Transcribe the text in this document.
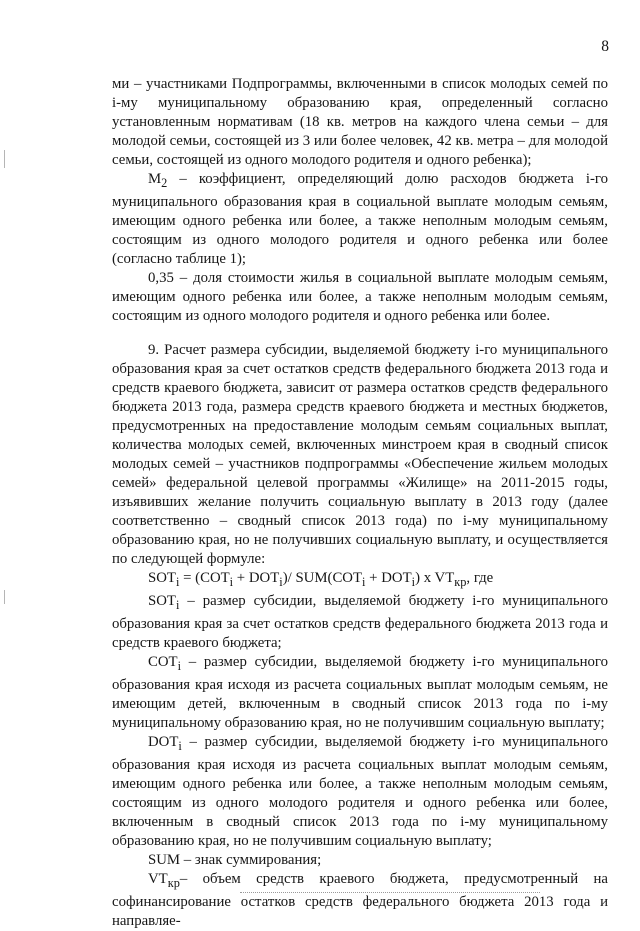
8

ми – участниками Подпрограммы, включенными в список молодых семей по i-му муниципальному образованию края, определенный согласно установленным нормативам (18 кв. метров на каждого члена семьи – для молодой семьи, состоящей из 3 или более человек, 42 кв. метра – для молодой семьи, состоящей из одного молодого родителя и одного ребенка);

$М_2$ – коэффициент, определяющий долю расходов бюджета i-го муниципального образования края в социальной выплате молодым семьям, имеющим одного ребенка или более, а также неполным молодым семьям, состоящим из одного молодого родителя и одного ребенка или более (согласно таблице 1);

0,35 – доля стоимости жилья в социальной выплате молодым семьям, имеющим одного ребенка или более, а также неполным молодым семьям, состоящим из одного молодого родителя и одного ребенка или более.

9. Расчет размера субсидии, выделяемой бюджету i-го муниципального образования края за счет остатков средств федерального бюджета 2013 года и средств краевого бюджета, зависит от размера остатков средств федерального бюджета 2013 года, размера средств краевого бюджета и местных бюджетов, предусмотренных на предоставление молодым семьям социальных выплат, количества молодых семей, включенных минстроем края в сводный список молодых семей – участников подпрограммы «Обеспечение жильем молодых семей» федеральной целевой программы «Жилище» на 2011-2015 годы, изъявивших желание получить социальную выплату в 2013 году (далее соответственно – сводный список 2013 года) по i-му муниципальному образованию края, но не получивших социальную выплату, и осуществляется по следующей формуле:

$SOT_i = (COT_i + DOT_i)/$ $SUM(COT_i + DOT_i)$ x $VT_{кр}$, где

$SOT_i$ – размер субсидии, выделяемой бюджету i-го муниципального образования края за счет остатков средств федерального бюджета 2013 года и средств краевого бюджета;

$COT_i$ – размер субсидии, выделяемой бюджету i-го муниципального образования края исходя из расчета социальных выплат молодым семьям, не имеющим детей, включенным в сводный список 2013 года по i-му муниципальному образованию края, но не получившим социальную выплату;

$DOT_i$ – размер субсидии, выделяемой бюджету i-го муниципального образования края исходя из расчета социальных выплат молодым семьям, имеющим одного ребенка или более, а также неполным молодым семьям, состоящим из одного молодого родителя и одного ребенка или более, включенным в сводный список 2013 года по i-му муниципальному образованию края, но не получившим социальную выплату;

SUM – знак суммирования;

$VT_{кр}-$ объем средств краевого бюджета, предусмотренный на софинансирование остатков средств федерального бюджета 2013 года и направляе-
